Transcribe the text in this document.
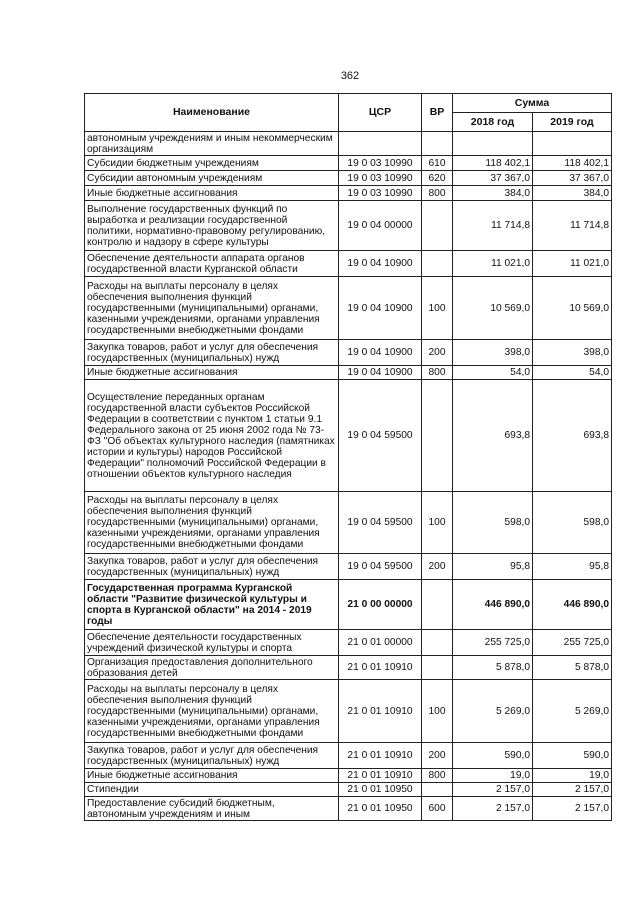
362
Наименование	ЦСР	ВР	Сумма	
			2018 год	2019 год
автономным учреждениям и иным некоммерческим организациям				
Субсидии бюджетным учреждениям	19 0 03 10990	610	118 402,1	118 402,1
Субсидии автономным учреждениям	19 0 03 10990	620	37 367,0	37 367,0
Иные бюджетные ассигнования	19 0 03 10990	800	384,0	384,0
Выполнение государственных функций по выработка и реализации государственной политики, нормативно-правовому регулированию, контролю и надзору в сфере культуры	19 0 04 00000		11 714,8	11 714,8
Обеспечение деятельности аппарата органов государственной власти Курганской области	19 0 04 10900		11 021,0	11 021,0
Расходы на выплаты персоналу в целях обеспечения выполнения функций государственными (муниципальными) органами, казенными учреждениями, органами управления государственными внебюджетными фондами	19 0 04 10900	100	10 569,0	10 569,0
Закупка товаров, работ и услуг для обеспечения государственных (муниципальных) нужд	19 0 04 10900	200	398,0	398,0
Иные бюджетные ассигнования	19 0 04 10900	800	54,0	54,0
Осуществление переданных органам государственной власти субъектов Российской Федерации в соответствии с пунктом 1 статьи 9.1 Федерального закона от 25 июня 2002 года № 73-ФЗ "Об объектах культурного наследия (памятниках истории и культуры) народов Российской Федерации" полномочий Российской Федерации в отношении объектов культурного наследия	19 0 04 59500		693,8	693,8
Расходы на выплаты персоналу в целях обеспечения выполнения функций государственными (муниципальными) органами, казенными учреждениями, органами управления государственными внебюджетными фондами	19 0 04 59500	100	598,0	598,0
Закупка товаров, работ и услуг для обеспечения государственных (муниципальных) нужд	19 0 04 59500	200	95,8	95,8
Государственная программа Курганской области "Развитие физической культуры и спорта в Курганской области" на 2014 - 2019 годы	21 0 00 00000		446 890,0	446 890,0
Обеспечение деятельности государственных учреждений физической культуры и спорта	21 0 01 00000		255 725,0	255 725,0
Организация предоставления дополнительного образования детей	21 0 01 10910		5 878,0	5 878,0
Расходы на выплаты персоналу в целях обеспечения выполнения функций государственными (муниципальными) органами, казенными учреждениями, органами управления государственными внебюджетными фондами	21 0 01 10910	100	5 269,0	5 269,0
Закупка товаров, работ и услуг для обеспечения государственных (муниципальных) нужд	21 0 01 10910	200	590,0	590,0
Иные бюджетные ассигнования	21 0 01 10910	800	19,0	19,0
Стипендии	21 0 01 10950		2 157,0	2 157,0
Предоставление субсидий бюджетным, автономным учреждениям и иным	21 0 01 10950	600	2 157,0	2 157,0
